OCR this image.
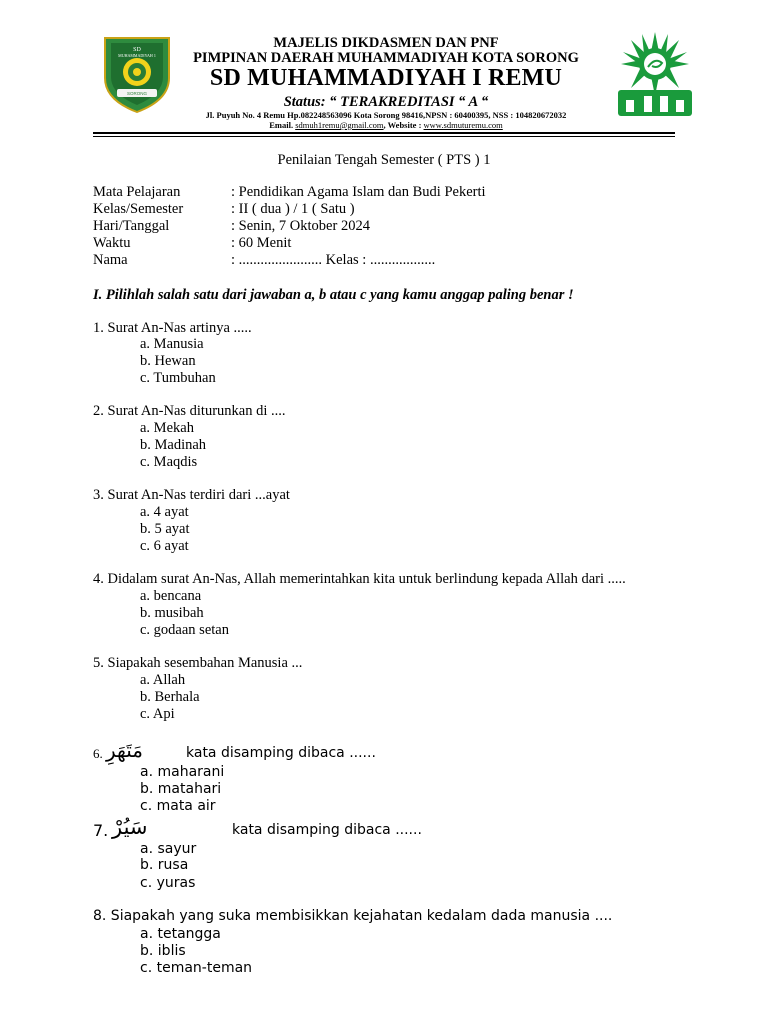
SD
MUHAMMADIYAH 1
SORONG
MAJELIS DIKDASMEN DAN PNF
PIMPINAN DAERAH MUHAMMADIYAH KOTA SORONG
SD MUHAMMADIYAH I REMU
Status: “ TERAKREDITASI “ A “
Jl. Puyuh No. 4 Remu Hp.082248563096 Kota Sorong 98416,NPSN : 60400395, NSS : 104820672032
Email. sdmuh1remu@gmail.com, Website : www.sdmuturemu.com
Penilaian Tengah Semester ( PTS ) 1
Mata Pelajaran	: Pendidikan Agama Islam dan Budi Pekerti
Kelas/Semester	: II ( dua ) / 1 ( Satu )
Hari/Tanggal	: Senin, 7 Oktober 2024
Waktu	: 60 Menit
Nama	: ....................... Kelas : ..................
I. Pilihlah salah satu dari jawaban a, b atau c yang kamu anggap paling benar !
1. Surat An-Nas artinya .....
a. Manusia
b. Hewan
c. Tumbuhan
2. Surat An-Nas diturunkan di ....
a. Mekah
b. Madinah
c. Maqdis
3. Surat An-Nas terdiri dari ...ayat
a. 4 ayat
b. 5 ayat
c. 6 ayat
4. Didalam surat An-Nas, Allah memerintahkan kita untuk berlindung kepada Allah dari .....
a. bencana
b. musibah
c. godaan setan
5. Siapakah sesembahan Manusia ...
a. Allah
b. Berhala
c. Api
6. مَتَهَرِ	kata disamping dibaca ......
a. maharani
b. matahari
c. mata air
7. سَيُرْ	kata disamping dibaca ......
a. sayur
b. rusa
c. yuras
8. Siapakah yang suka membisikkan kejahatan kedalam dada manusia ....
a. tetangga
b. iblis
c. teman-teman
